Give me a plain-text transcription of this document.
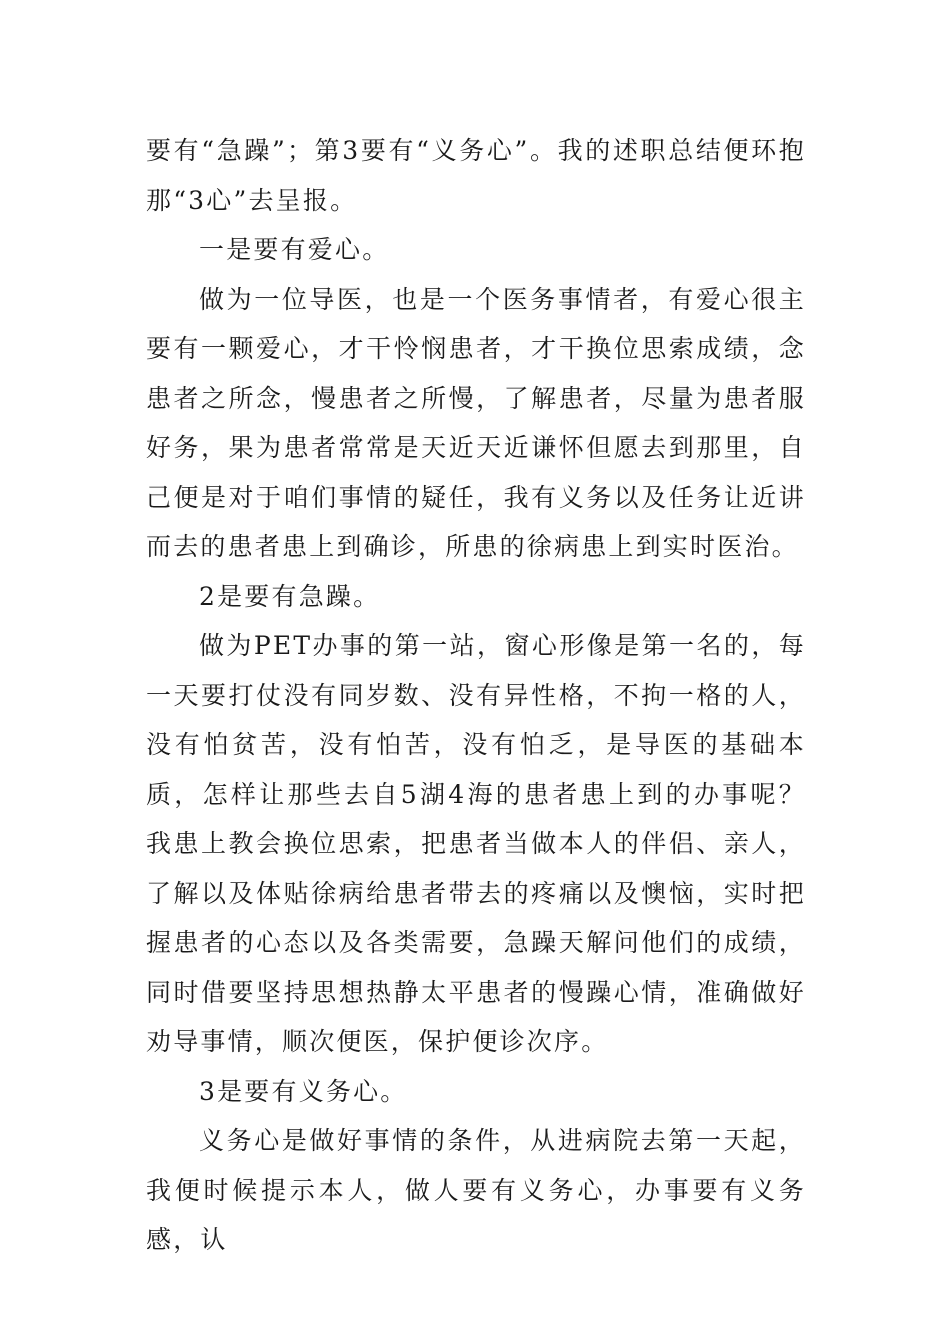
要有“急躁”；第3要有“义务心”。我的述职总结便环抱那“3心”去呈报。

一是要有爱心。

做为一位导医，也是一个医务事情者，有爱心很主要有一颗爱心，才干怜悯患者，才干换位思索成绩，念患者之所念，慢患者之所慢，了解患者，尽量为患者服好务，果为患者常常是天近天近谦怀但愿去到那里，自己便是对于咱们事情的疑任，我有义务以及任务让近讲而去的患者患上到确诊，所患的徐病患上到实时医治。

2是要有急躁。

做为PET办事的第一站，窗心形像是第一名的，每一天要打仗没有同岁数、没有异性格，不拘一格的人，没有怕贫苦，没有怕苦，没有怕乏，是导医的基础本质，怎样让那些去自5湖4海的患者患上到的办事呢？我患上教会换位思索，把患者当做本人的伴侣、亲人，了解以及体贴徐病给患者带去的疼痛以及懊恼，实时把握患者的心态以及各类需要，急躁天解问他们的成绩，同时借要坚持思想热静太平患者的慢躁心情，准确做好劝导事情，顺次便医，保护便诊次序。

3是要有义务心。

义务心是做好事情的条件，从进病院去第一天起，我便时候提示本人，做人要有义务心，办事要有义务感，认
